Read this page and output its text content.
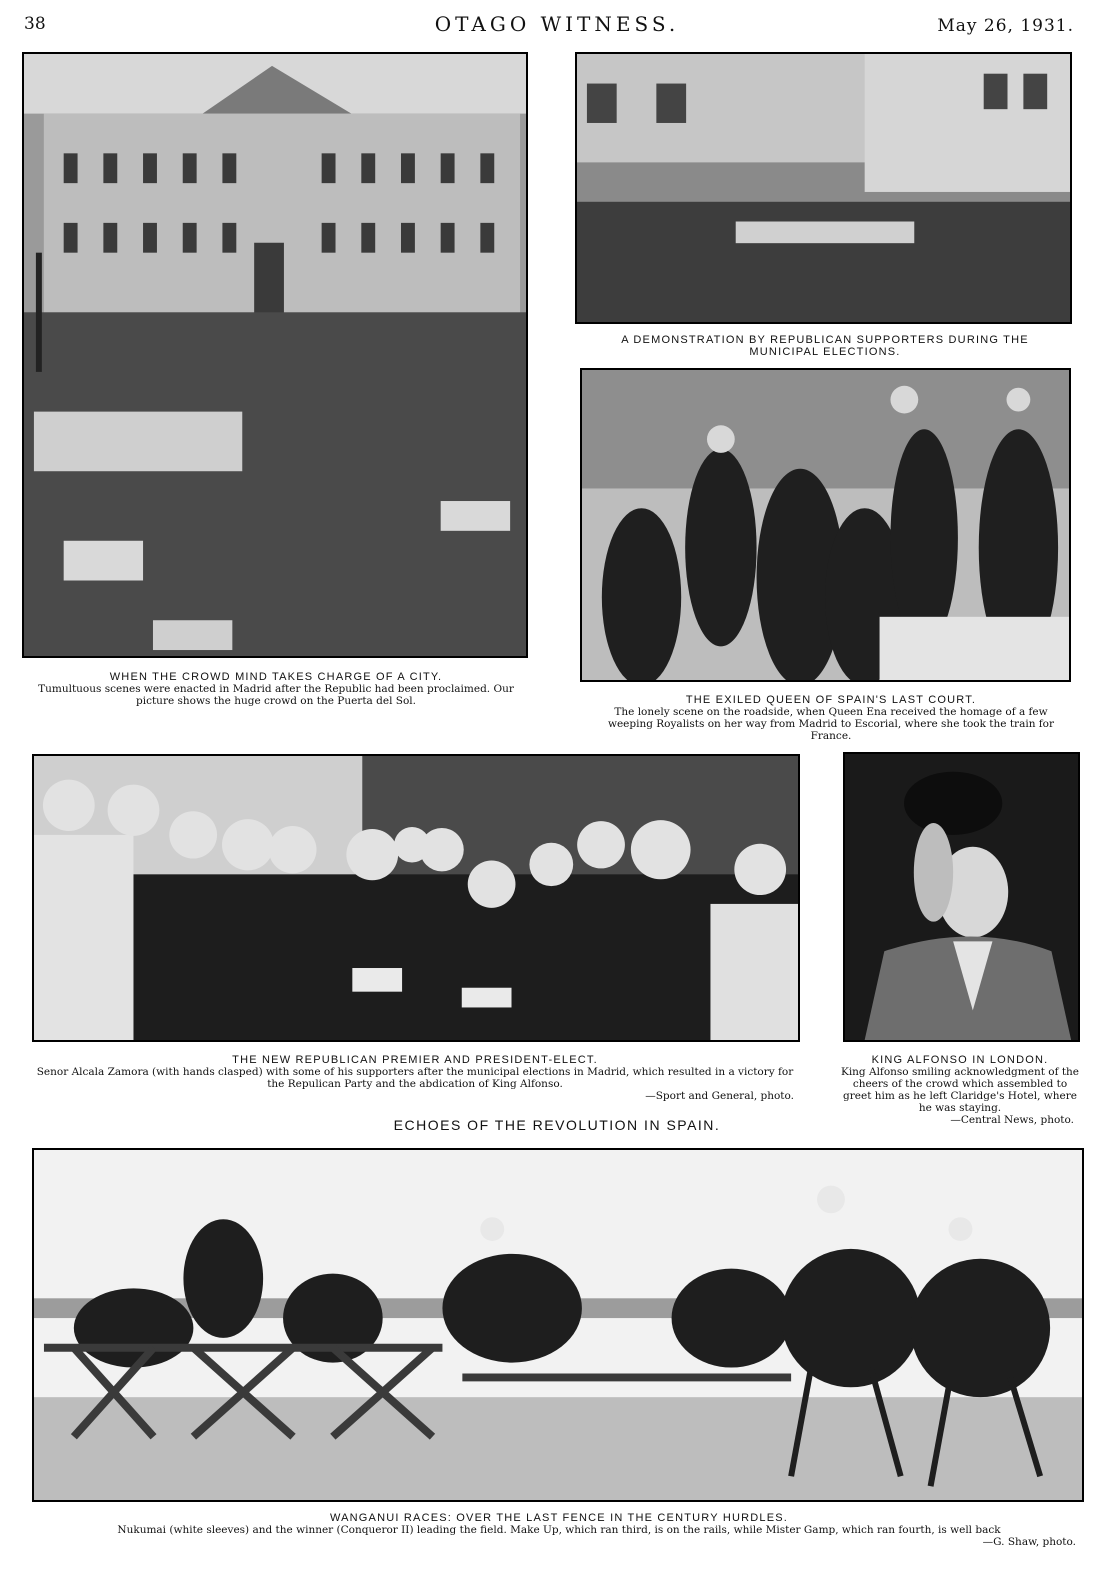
38	OTAGO WITNESS.	May 26, 1931.
WHEN THE CROWD MIND TAKES CHARGE OF A CITY.
Tumultuous scenes were enacted in Madrid after the Republic had been proclaimed. Our picture shows the huge crowd on the Puerta del Sol.
A DEMONSTRATION BY REPUBLICAN SUPPORTERS DURING THE MUNICIPAL ELECTIONS.
THE EXILED QUEEN OF SPAIN'S LAST COURT.
The lonely scene on the roadside, when Queen Ena received the homage of a few weeping Royalists on her way from Madrid to Escorial, where she took the train for France.
THE NEW REPUBLICAN PREMIER AND PRESIDENT-ELECT.
Senor Alcala Zamora (with hands clasped) with some of his supporters after the municipal elections in Madrid, which resulted in a victory for the Repulican Party and the abdication of King Alfonso.
—Sport and General, photo.
KING ALFONSO IN LONDON.
King Alfonso smiling acknowledgment of the cheers of the crowd which assembled to greet him as he left Claridge's Hotel, where he was staying.
—Central News, photo.
ECHOES OF THE REVOLUTION IN SPAIN.
WANGANUI RACES: OVER THE LAST FENCE IN THE CENTURY HURDLES.
Nukumai (white sleeves) and the winner (Conqueror II) leading the field. Make Up, which ran third, is on the rails, while Mister Gamp, which ran fourth, is well back
—G. Shaw, photo.
